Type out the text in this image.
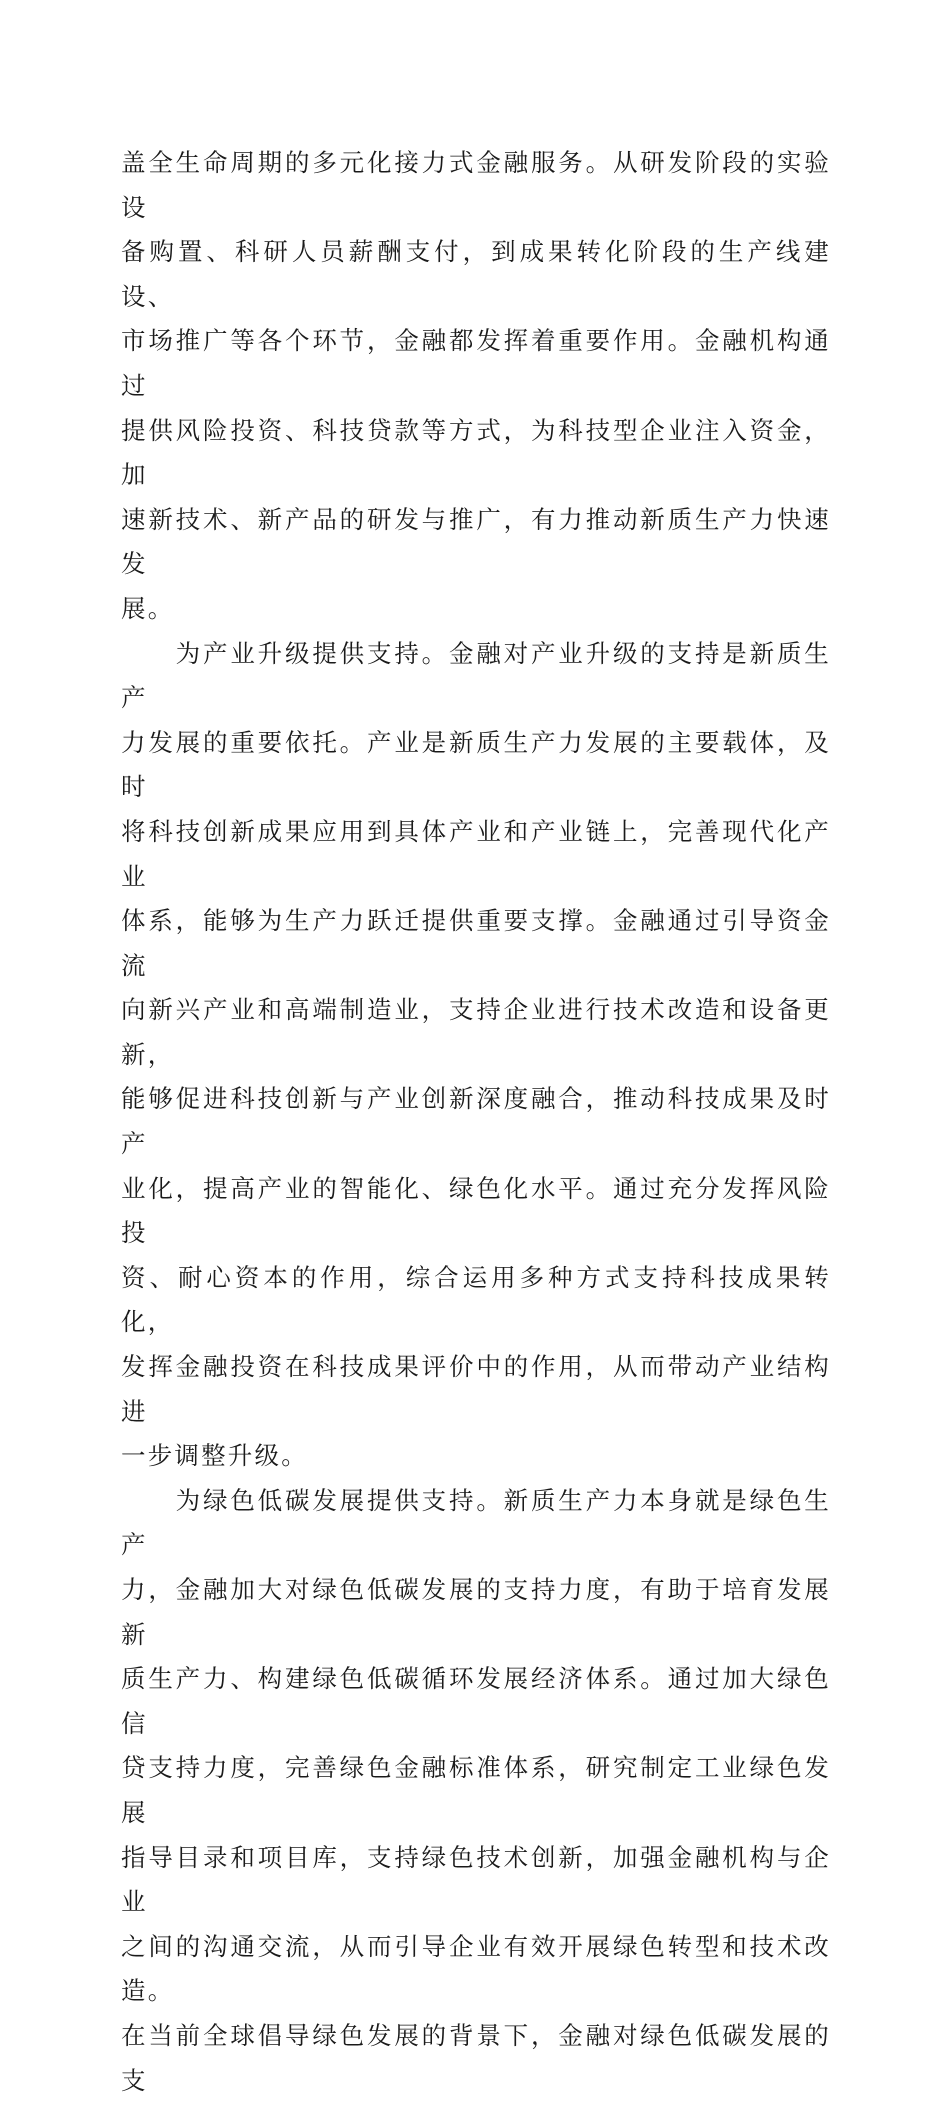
盖全生命周期的多元化接力式金融服务。从研发阶段的实验设
备购置、科研人员薪酬支付，到成果转化阶段的生产线建设、
市场推广等各个环节，金融都发挥着重要作用。金融机构通过
提供风险投资、科技贷款等方式，为科技型企业注入资金，加
速新技术、新产品的研发与推广，有力推动新质生产力快速发
展。

　　为产业升级提供支持。金融对产业升级的支持是新质生产
力发展的重要依托。产业是新质生产力发展的主要载体，及时
将科技创新成果应用到具体产业和产业链上，完善现代化产业
体系，能够为生产力跃迁提供重要支撑。金融通过引导资金流
向新兴产业和高端制造业，支持企业进行技术改造和设备更新，
能够促进科技创新与产业创新深度融合，推动科技成果及时产
业化，提高产业的智能化、绿色化水平。通过充分发挥风险投
资、耐心资本的作用，综合运用多种方式支持科技成果转化，
发挥金融投资在科技成果评价中的作用，从而带动产业结构进
一步调整升级。

　　为绿色低碳发展提供支持。新质生产力本身就是绿色生产
力，金融加大对绿色低碳发展的支持力度，有助于培育发展新
质生产力、构建绿色低碳循环发展经济体系。通过加大绿色信
贷支持力度，完善绿色金融标准体系，研究制定工业绿色发展
指导目录和项目库，支持绿色技术创新，加强金融机构与企业
之间的沟通交流，从而引导企业有效开展绿色转型和技术改造。
在当前全球倡导绿色发展的背景下，金融对绿色低碳发展的支
